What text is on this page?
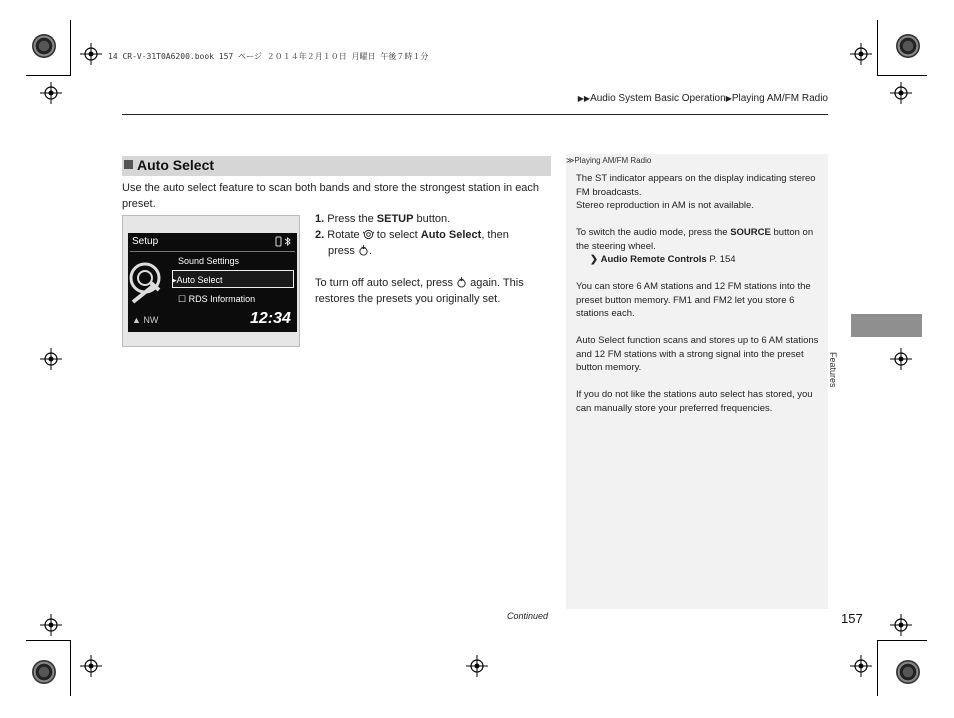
14 CR-V-31T0A6200.book 157 ページ ２０１４年２月１０日 月曜日 午後７時１分
▶▶Audio System Basic Operation▶Playing AM/FM Radio
Auto Select
Use the auto select feature to scan both bands and store the strongest station in each preset.
Setup
Sound Settings
▸Auto Select
☐ RDS Information
▲ NW	12:34

1. Press the SETUP button.

2. Rotate  to select Auto Select, then

press .

To turn off auto select, press  again. This restores the presets you originally set.

≫Playing AM/FM Radio

The ST indicator appears on the display indicating stereo FM broadcasts.
Stereo reproduction in AM is not available.

To switch the audio mode, press the SOURCE button on the steering wheel.
❯ Audio Remote Controls P. 154

You can store 6 AM stations and 12 FM stations into the preset button memory. FM1 and FM2 let you store 6 stations each.

Auto Select function scans and stores up to 6 AM stations and 12 FM stations with a strong signal into the preset button memory.

If you do not like the stations auto select has stored, you can manually store your preferred frequencies.

Features
Continued	157
